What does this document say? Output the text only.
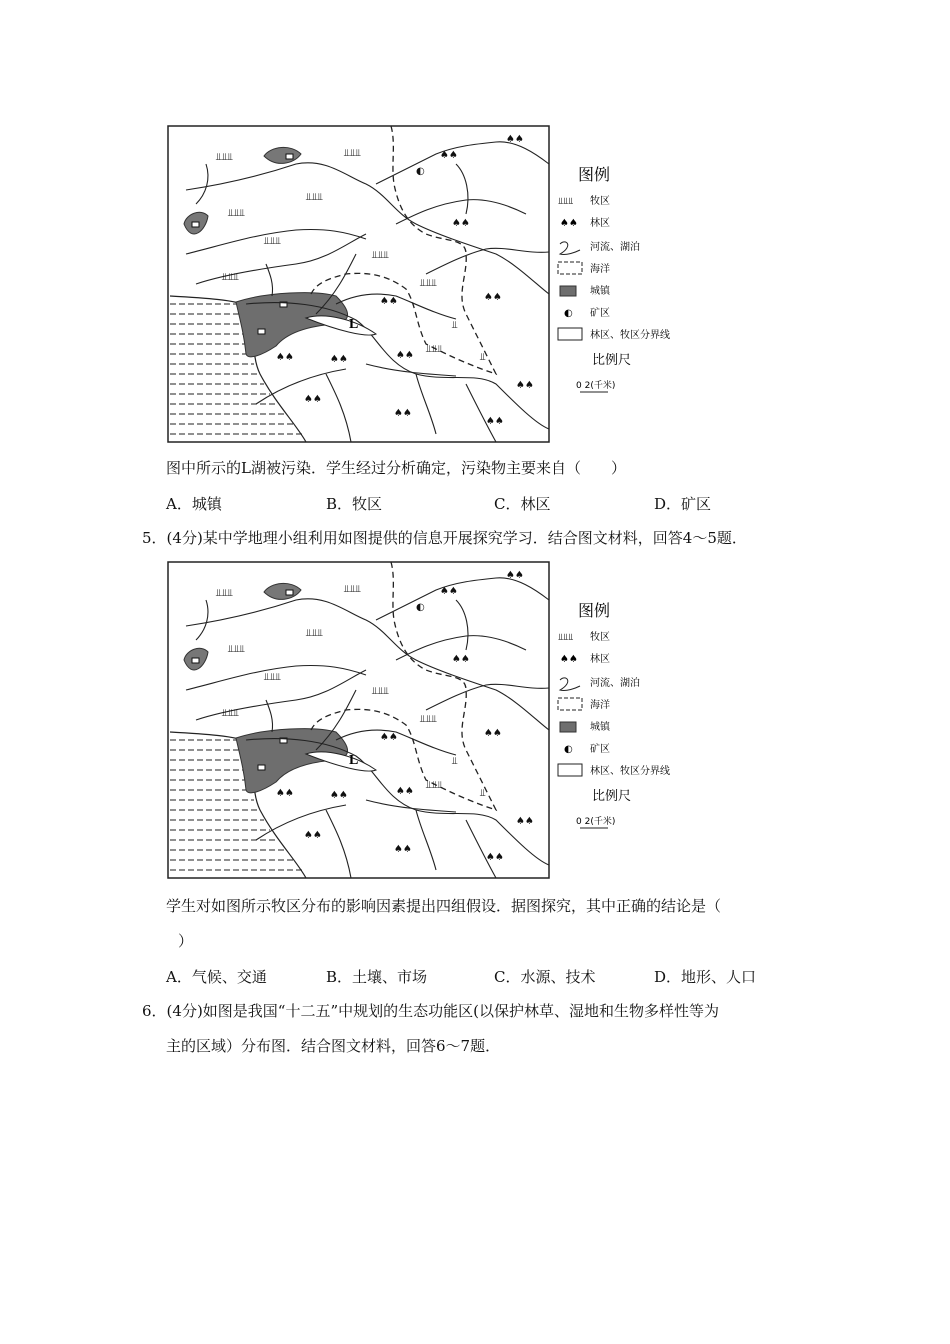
L
⫫⫫⫫	⫫⫫⫫
⫫⫫⫫
⫫⫫⫫
⫫⫫⫫
⫫⫫⫫
⫫⫫⫫
⫫⫫⫫
⫫⫫⫫
⫫
⫫
♠♠
♠♠
♠♠
♠♠	♠♠
♠♠
♠♠	♠♠
♠♠
♠♠
♠♠
♠♠
◐	图例
⫫⫫⫫ 牧区
♠♠ 林区
河流、湖泊
海洋
城镇
◐ 矿区
林区、牧区分界线
比例尺
0 2(千米)
图中所示的L湖被污染．学生经过分析确定，污染物主要来自（　　）
A．城镇	B．牧区	C．林区	D．矿区
5．(4分)某中学地理小组利用如图提供的信息开展探究学习．结合图文材料，回答4～5题．
L
⫫⫫⫫	⫫⫫⫫
⫫⫫⫫
⫫⫫⫫
⫫⫫⫫
⫫⫫⫫
⫫⫫⫫
⫫⫫⫫
⫫⫫⫫
⫫
⫫
♠♠
♠♠
♠♠
♠♠	♠♠
♠♠
♠♠	♠♠
♠♠
♠♠
♠♠
♠♠
◐	图例
⫫⫫⫫ 牧区
♠♠ 林区
河流、湖泊
海洋
城镇
◐ 矿区
林区、牧区分界线
比例尺
0 2(千米)
学生对如图所示牧区分布的影响因素提出四组假设．据图探究，其中正确的结论是（
）
A．气候、交通	B．土壤、市场	C．水源、技术	D．地形、人口
6．(4分)如图是我国“十二五”中规划的生态功能区(以保护林草、湿地和生物多样性等为
主的区域）分布图．结合图文材料，回答6～7题．
